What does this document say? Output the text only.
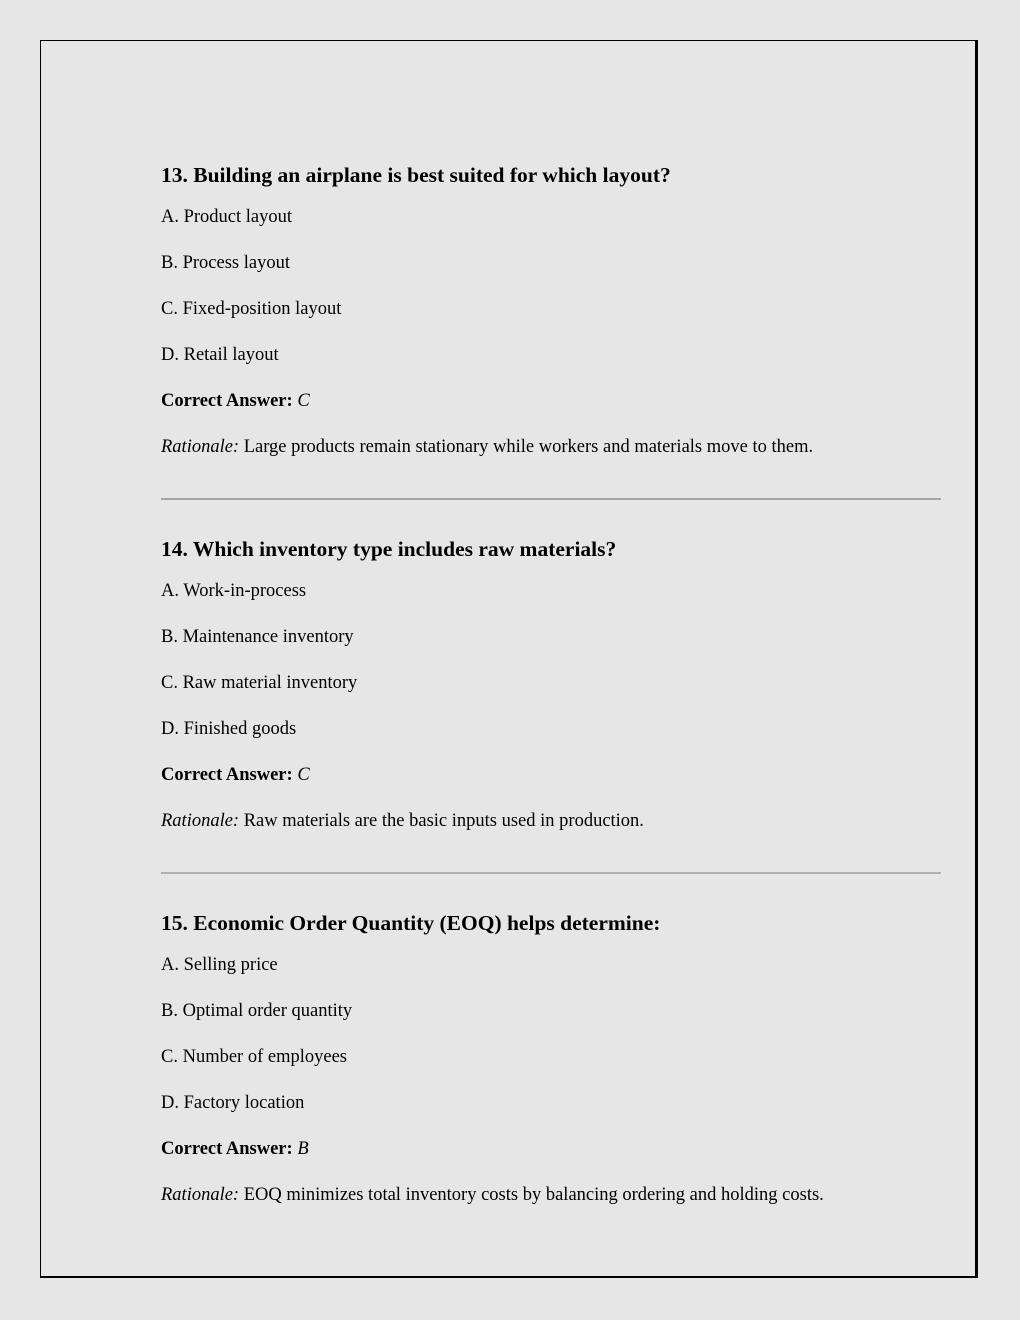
13. Building an airplane is best suited for which layout?
A. Product layout
B. Process layout
C. Fixed-position layout
D. Retail layout
Correct Answer: C
Rationale: Large products remain stationary while workers and materials move to them.
14. Which inventory type includes raw materials?
A. Work-in-process
B. Maintenance inventory
C. Raw material inventory
D. Finished goods
Correct Answer: C
Rationale: Raw materials are the basic inputs used in production.
15. Economic Order Quantity (EOQ) helps determine:
A. Selling price
B. Optimal order quantity
C. Number of employees
D. Factory location
Correct Answer: B
Rationale: EOQ minimizes total inventory costs by balancing ordering and holding costs.
